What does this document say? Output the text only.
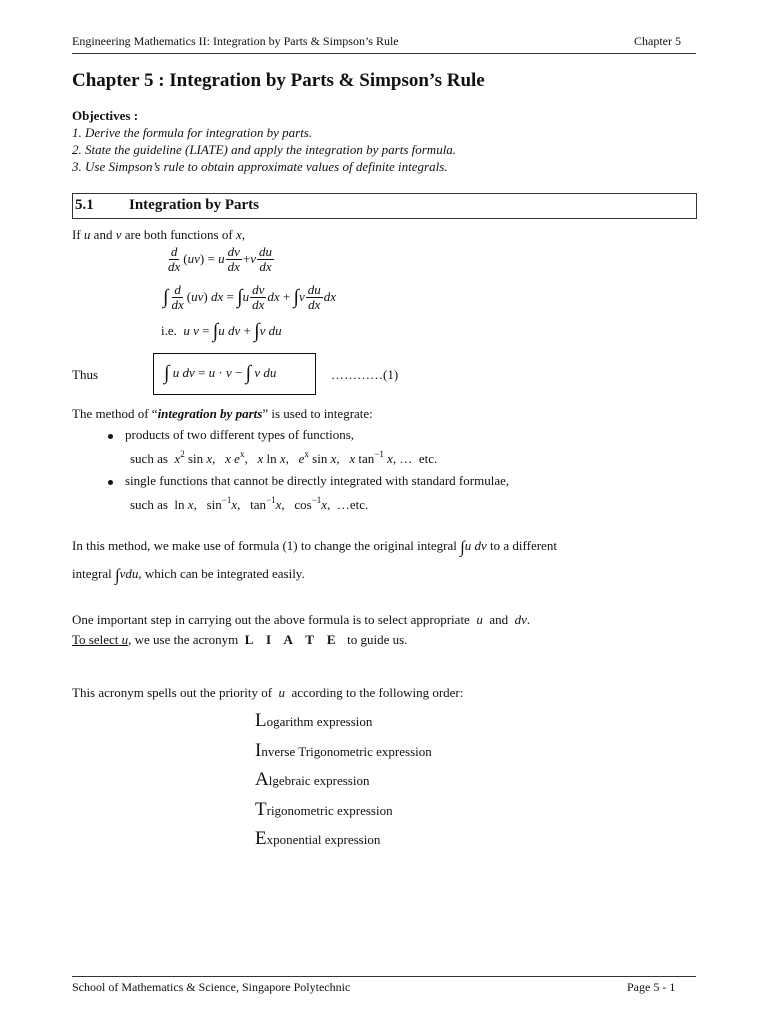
Engineering Mathematics II: Integration by Parts & Simpson’s Rule	Chapter 5
Chapter 5 : Integration by Parts & Simpson’s Rule
Objectives :
1. Derive the formula for integration by parts.
2. State the guideline (LIATE) and apply the integration by parts formula.
3. Use Simpson’s rule to obtain approximate values of definite integrals.
5.1 Integration by Parts
If u and v are both functions of x,
$\frac{d}{dx}$ ( uv ) = u $\frac{dv}{dx} + v \frac{du}{dx}$
∫ $\frac{d}{dx}$ ( uv ) dx = ∫ u $\frac{dv}{dx}$ dx + ∫ v $\frac{du}{dx}$ dx
i.e.
u v = ∫ u dv + ∫ v du
Thus	∫ u dv = u · v − ∫ v du	…………(1)
The method of “integration by parts” is used to integrate:
products of two different types of functions,
such as $x^2$ sin x,   x $e^x$,   x ln x,   $e^x$ sin x,   x $\tan^{-1} x$, …  etc.
single functions that cannot be directly integrated with standard formulae,
such as  ln x,   $\sin^{-1}x$,   $\tan^{-1}x$,   $\cos^{-1}x$,  …etc.
In this method, we make use of formula (1) to change the original integral ∫u dv to a different
integral ∫vdu, which can be integrated easily.
One important step in carrying out the above formula is to select appropriate u and dv.
To select u, we use the acronym L I A T E to guide us.
This acronym spells out the priority of u according to the following order:
Logarithm expression
Inverse Trigonometric expression
Algebraic expression
Trigonometric expression
Exponential expression
School of Mathematics & Science, Singapore Polytechnic	Page 5 - 1
